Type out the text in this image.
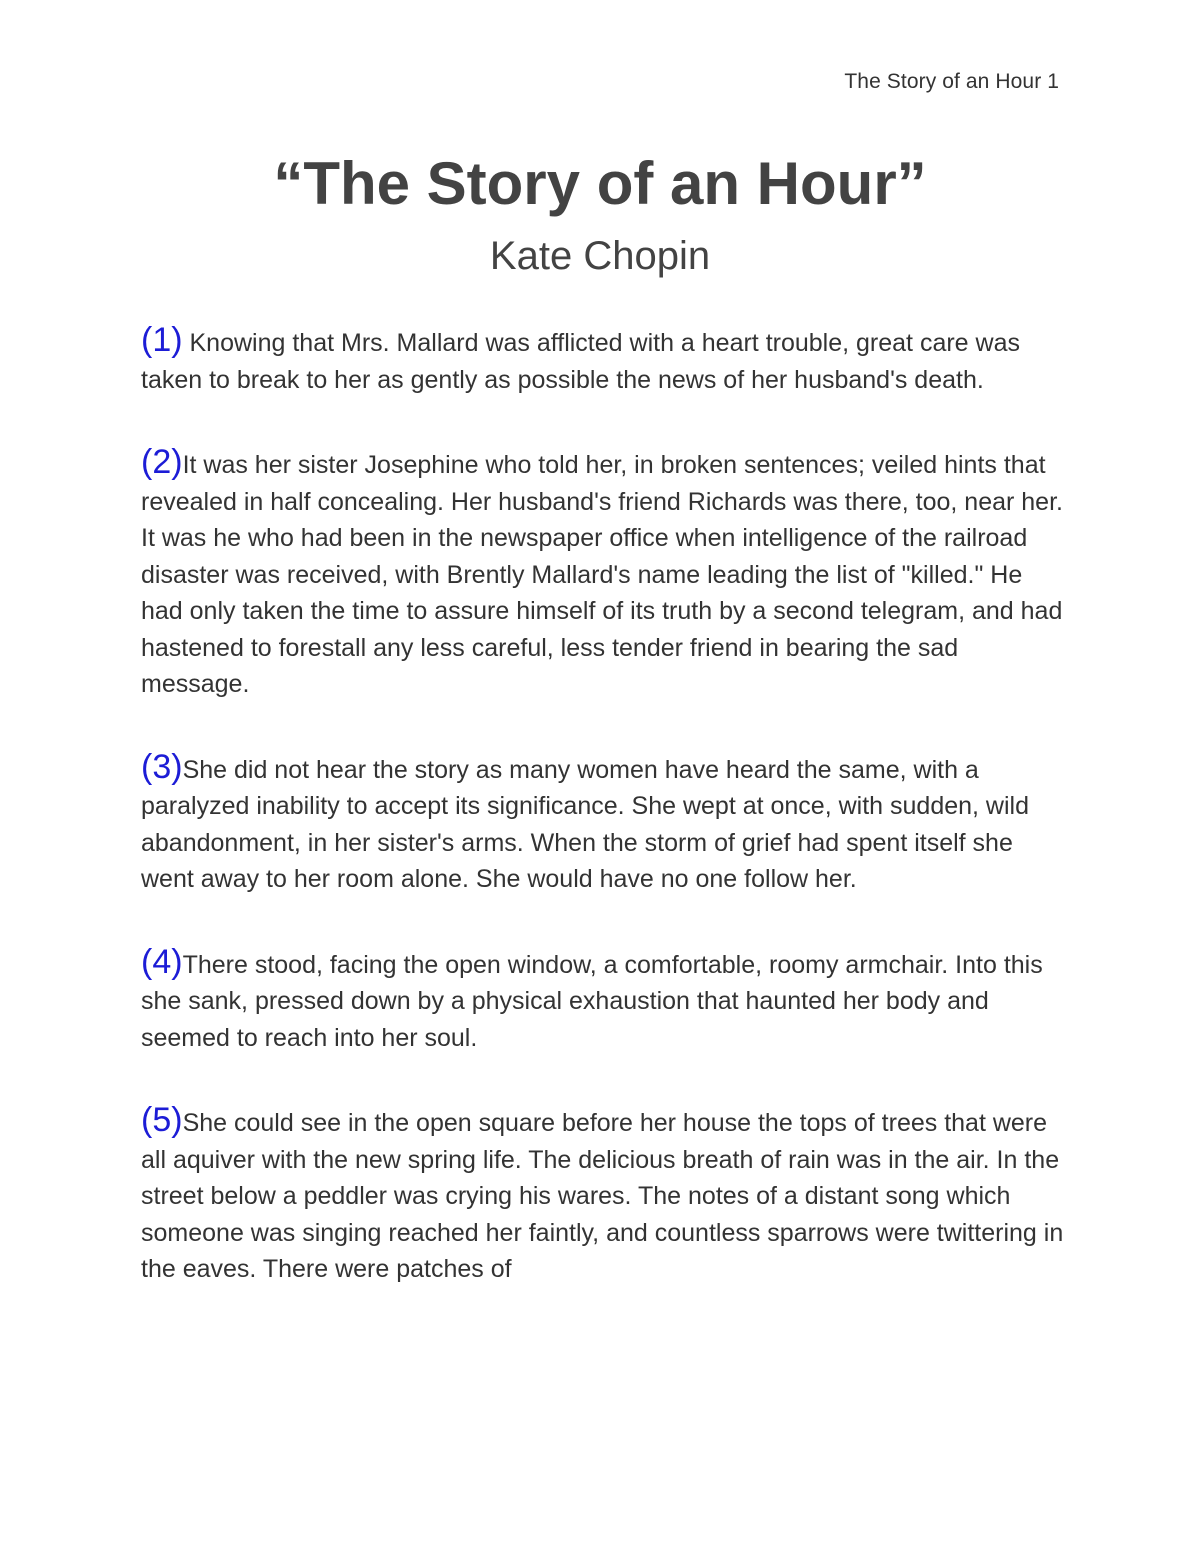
The Story of an Hour 1
“The Story of an Hour”
Kate Chopin

(1) Knowing that Mrs. Mallard was afflicted with a heart trouble, great care was taken to break to her as gently as possible the news of her husband's death.

(2)It was her sister Josephine who told her, in broken sentences; veiled hints that revealed in half concealing. Her husband's friend Richards was there, too, near her. It was he who had been in the newspaper office when intelligence of the railroad disaster was received, with Brently Mallard's name leading the list of "killed." He had only taken the time to assure himself of its truth by a second telegram, and had hastened to forestall any less careful, less tender friend in bearing the sad message.

(3)She did not hear the story as many women have heard the same, with a paralyzed inability to accept its significance. She wept at once, with sudden, wild abandonment, in her sister's arms. When the storm of grief had spent itself she went away to her room alone. She would have no one follow her.

(4)There stood, facing the open window, a comfortable, roomy armchair. Into this she sank, pressed down by a physical exhaustion that haunted her body and seemed to reach into her soul.

(5)She could see in the open square before her house the tops of trees that were all aquiver with the new spring life. The delicious breath of rain was in the air. In the street below a peddler was crying his wares. The notes of a distant song which someone was singing reached her faintly, and countless sparrows were twittering in the eaves. There were patches of
